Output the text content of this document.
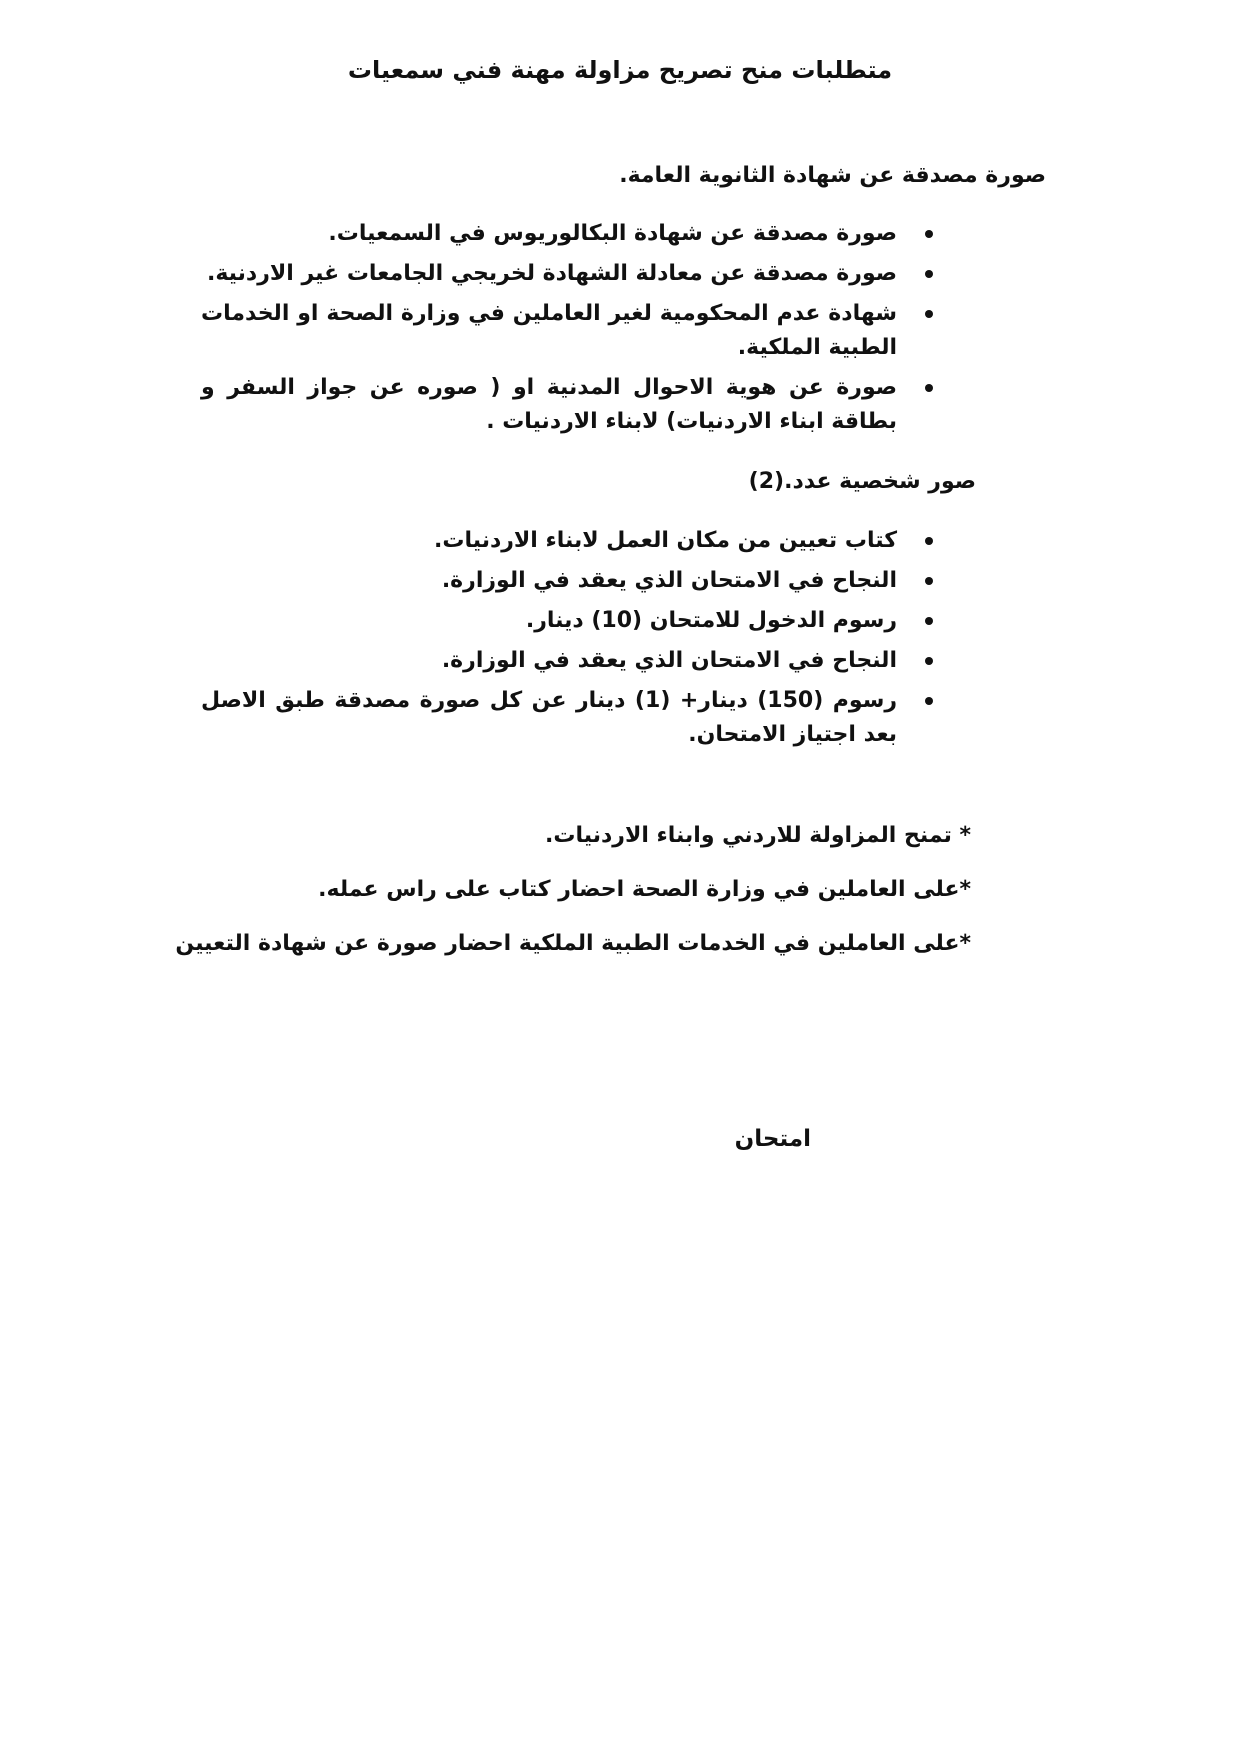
متطلبات منح تصريح مزاولة مهنة فني سمعيات
صورة مصدقة عن شهادة الثانوية العامة.
صورة مصدقة عن شهادة البكالوريوس في السمعيات.
صورة مصدقة عن معادلة الشهادة لخريجي الجامعات غير الاردنية.
شهادة عدم المحكومية لغير العاملين في وزارة الصحة او الخدمات الطبية الملكية.
صورة عن هوية الاحوال المدنية او ( صوره عن جواز السفر و بطاقة ابناء الاردنيات) لابناء الاردنيات .
صور شخصية عدد.(2)
كتاب تعيين من مكان العمل لابناء الاردنيات.
النجاح في الامتحان الذي يعقد في الوزارة.
رسوم الدخول للامتحان (10) دينار.
النجاح في الامتحان الذي يعقد في الوزارة.
رسوم (150) دينار+ (1) دينار عن كل صورة مصدقة طبق الاصل بعد اجتياز الامتحان.
* تمنح المزاولة للاردني وابناء الاردنيات.
*على العاملين في وزارة الصحة احضار كتاب على راس عمله.
*على العاملين في الخدمات الطبية الملكية احضار صورة عن شهادة التعيين
امتحان
